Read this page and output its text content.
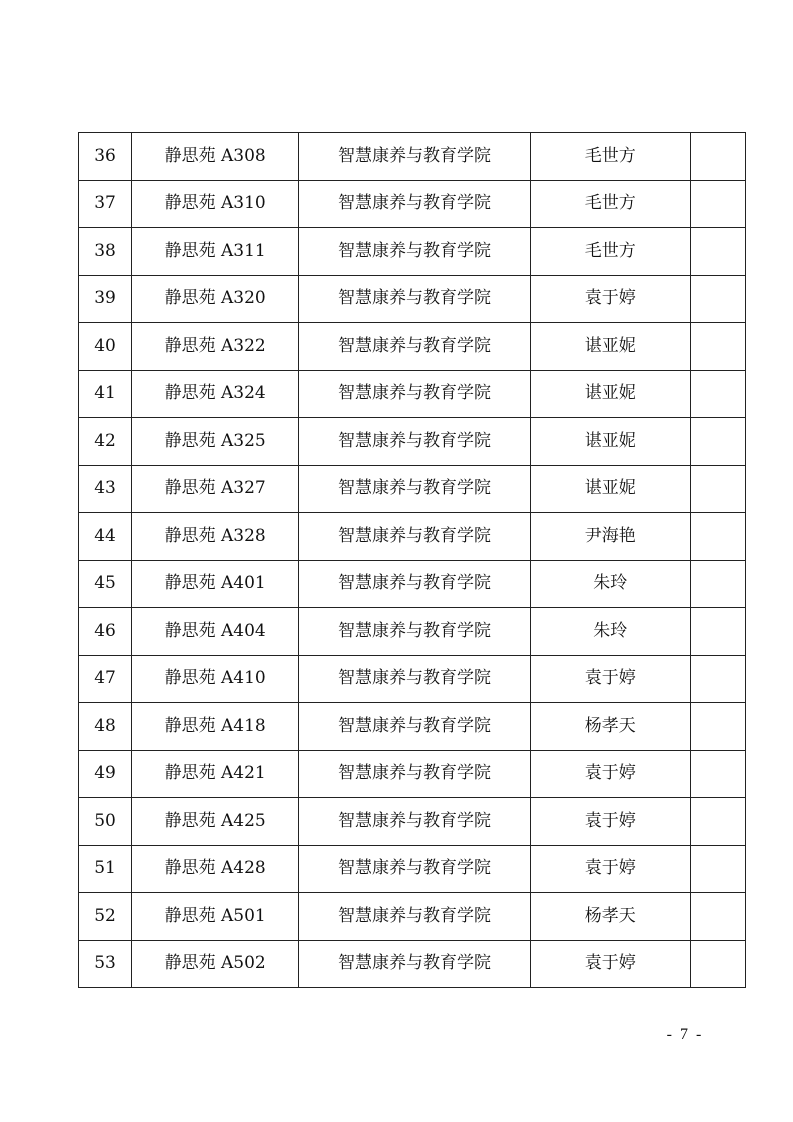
36	静思苑 A308	智慧康养与教育学院	毛世方	
37	静思苑 A310	智慧康养与教育学院	毛世方	
38	静思苑 A311	智慧康养与教育学院	毛世方	
39	静思苑 A320	智慧康养与教育学院	袁于婷	
40	静思苑 A322	智慧康养与教育学院	谌亚妮	
41	静思苑 A324	智慧康养与教育学院	谌亚妮	
42	静思苑 A325	智慧康养与教育学院	谌亚妮	
43	静思苑 A327	智慧康养与教育学院	谌亚妮	
44	静思苑 A328	智慧康养与教育学院	尹海艳	
45	静思苑 A401	智慧康养与教育学院	朱玲	
46	静思苑 A404	智慧康养与教育学院	朱玲	
47	静思苑 A410	智慧康养与教育学院	袁于婷	
48	静思苑 A418	智慧康养与教育学院	杨孝天	
49	静思苑 A421	智慧康养与教育学院	袁于婷	
50	静思苑 A425	智慧康养与教育学院	袁于婷	
51	静思苑 A428	智慧康养与教育学院	袁于婷	
52	静思苑 A501	智慧康养与教育学院	杨孝天	
53	静思苑 A502	智慧康养与教育学院	袁于婷	
- 7 -
